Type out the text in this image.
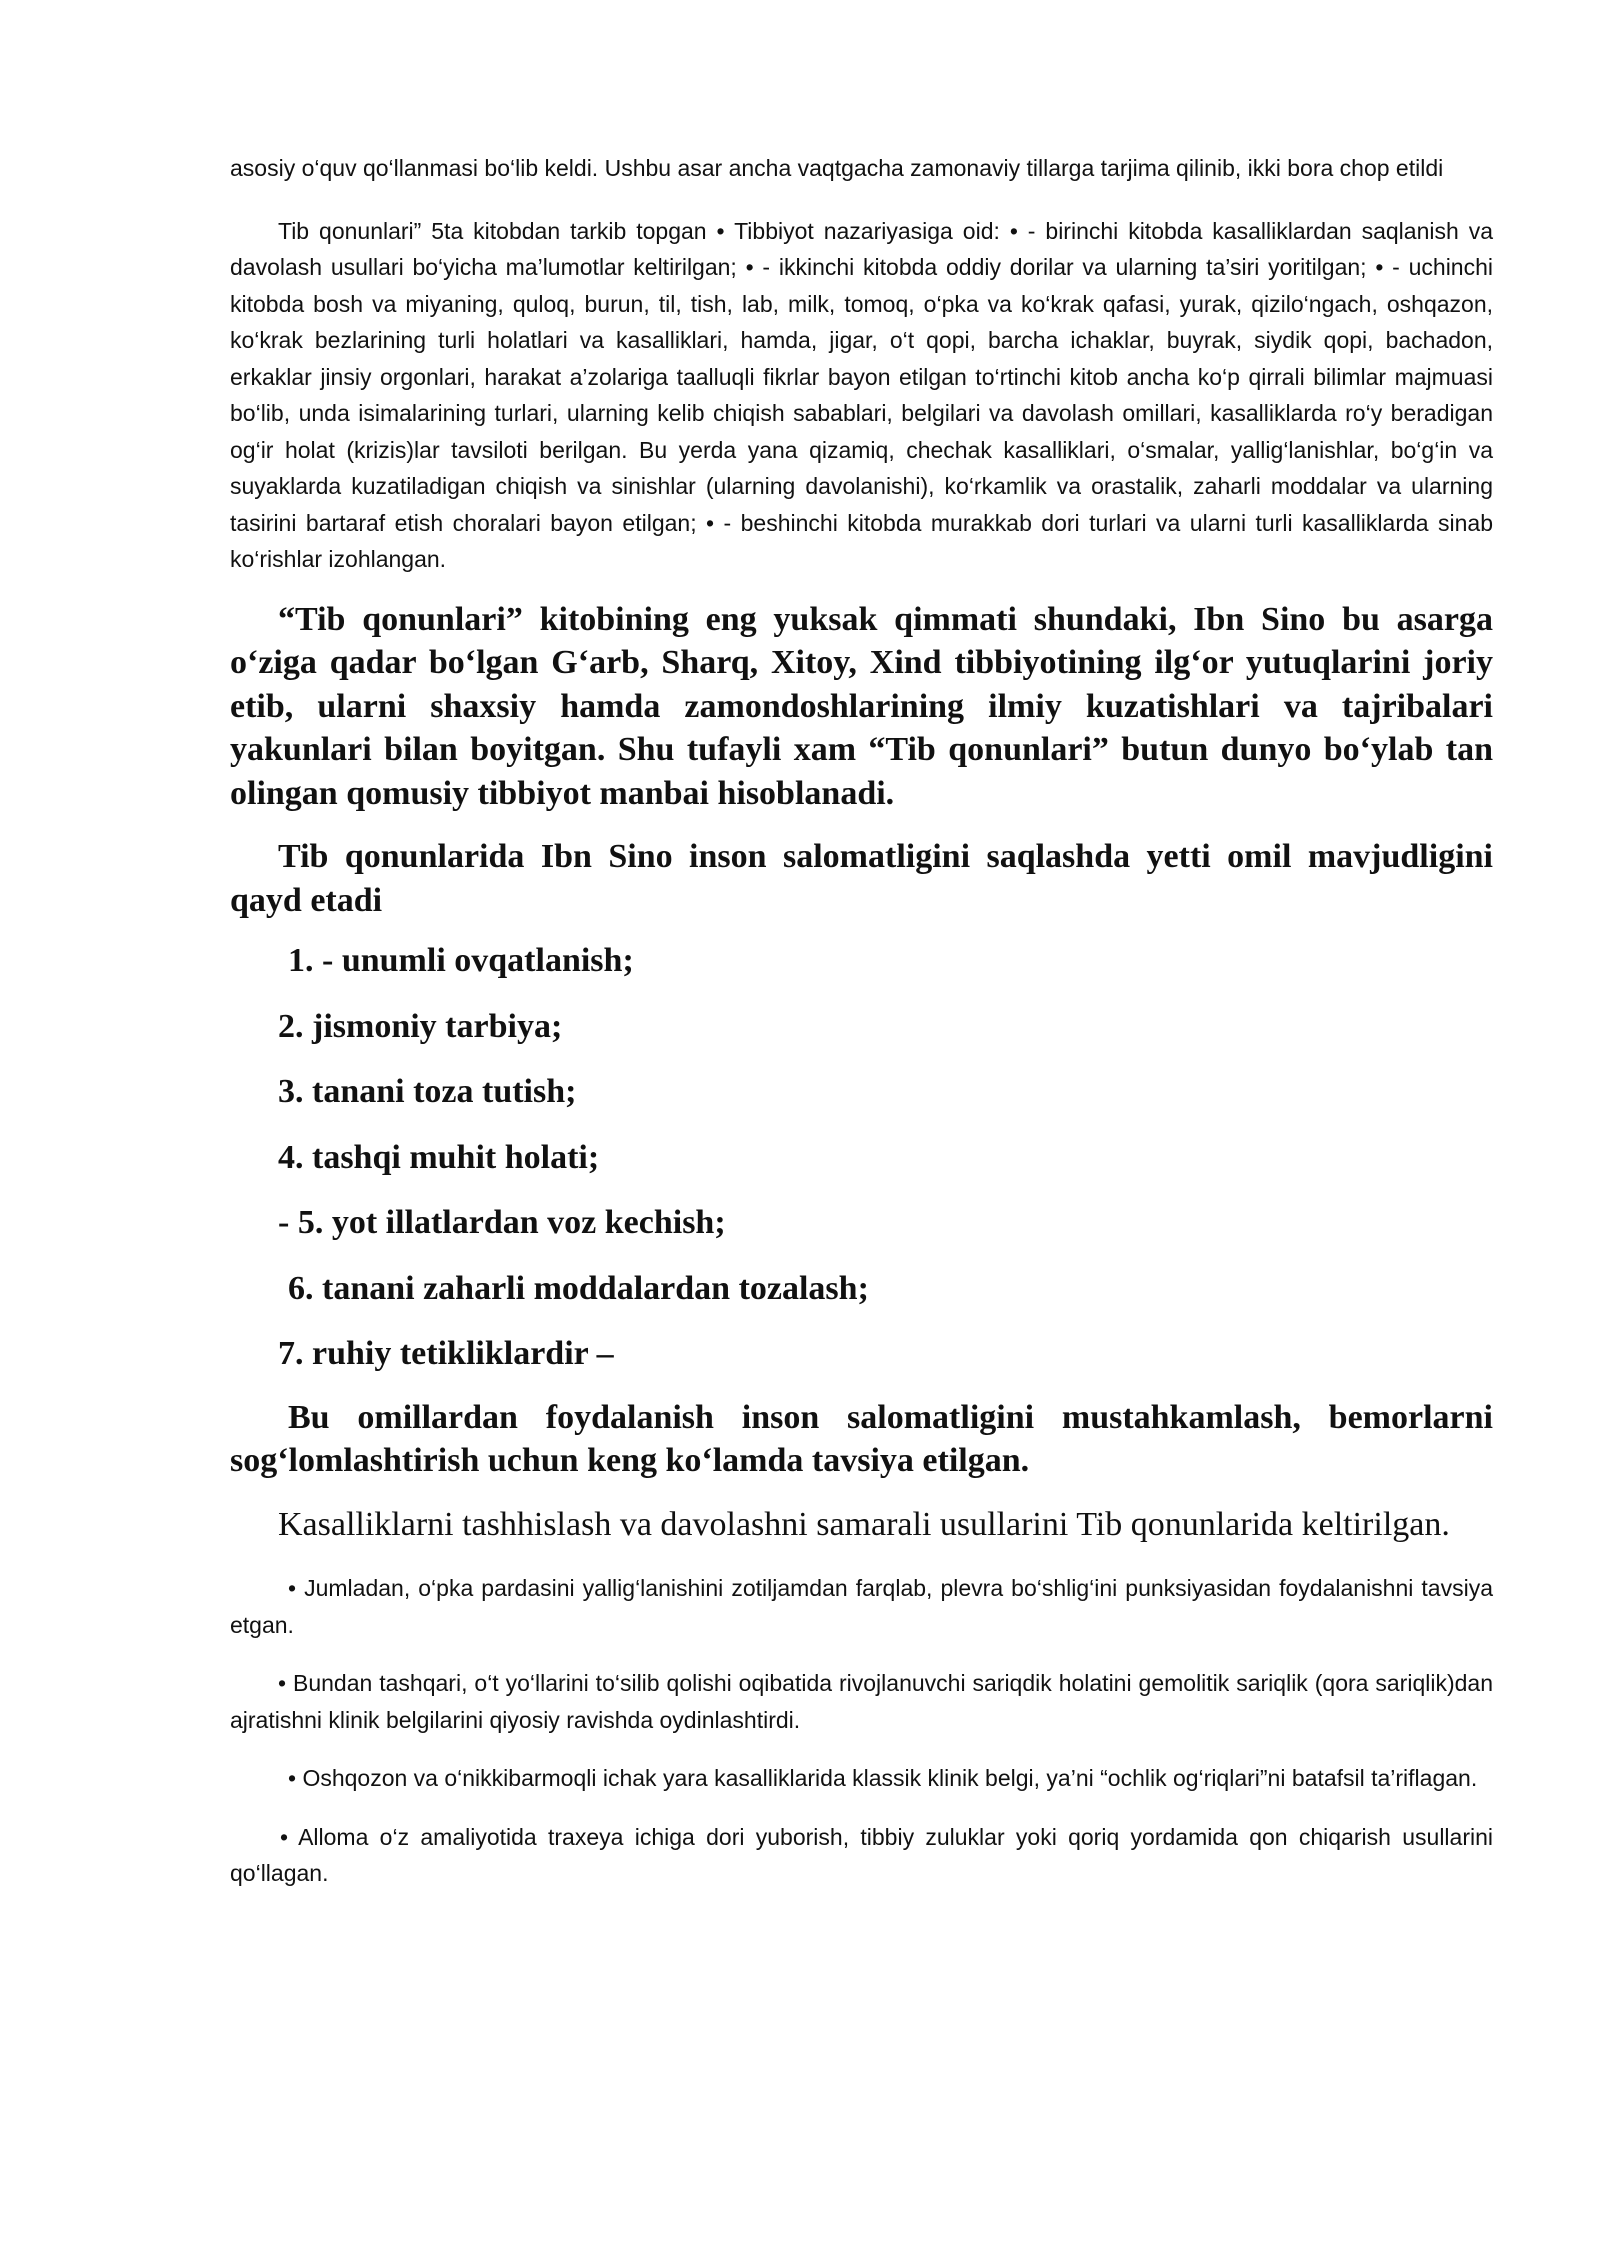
asosiy o‘quv qo‘llanmasi bo‘lib keldi. Ushbu asar ancha vaqtgacha zamonaviy tillarga tarjima qilinib, ikki bora chop etildi

Tib qonunlari” 5ta kitobdan tarkib topgan • Tibbiyot nazariyasiga oid: • - birinchi kitobda kasalliklardan saqlanish va davolash usullari bo‘yicha ma’lumotlar keltirilgan; • - ikkinchi kitobda oddiy dorilar va ularning ta’siri yoritilgan; • - uchinchi kitobda bosh va miyaning, quloq, burun, til, tish, lab, milk, tomoq, o‘pka va ko‘krak qafasi, yurak, qizilo‘ngach, oshqazon, ko‘krak bezlarining turli holatlari va kasalliklari, hamda, jigar, o‘t qopi, barcha ichaklar, buyrak, siydik qopi, bachadon, erkaklar jinsiy orgonlari, harakat a’zolariga taalluqli fikrlar bayon etilgan to‘rtinchi kitob ancha ko‘p qirrali bilimlar majmuasi bo‘lib, unda isimalarining turlari, ularning kelib chiqish sabablari, belgilari va davolash omillari, kasalliklarda ro‘y beradigan og‘ir holat (krizis)lar tavsiloti berilgan. Bu yerda yana qizamiq, chechak kasalliklari, o‘smalar, yallig‘lanishlar, bo‘g‘in va suyaklarda kuzatiladigan chiqish va sinishlar (ularning davolanishi), ko‘rkamlik va orastalik, zaharli moddalar va ularning tasirini bartaraf etish choralari bayon etilgan; • - beshinchi kitobda murakkab dori turlari va ularni turli kasalliklarda sinab ko‘rishlar izohlangan.

“Tib qonunlari” kitobining eng yuksak qimmati shundaki, Ibn Sino bu asarga o‘ziga qadar bo‘lgan G‘arb, Sharq, Xitoy, Xind tibbiyotining ilg‘or yutuqlarini joriy etib, ularni shaxsiy hamda zamondoshlarining ilmiy kuzatishlari va tajribalari yakunlari bilan boyitgan. Shu tufayli xam “Tib qonunlari” butun dunyo bo‘ylab tan olingan qomusiy tibbiyot manbai hisoblanadi.

Tib qonunlarida Ibn Sino inson salomatligini saqlashda yetti omil mavjudligini qayd etadi

1. - unumli ovqatlanish;
2. jismoniy tarbiya;
3. tanani toza tutish;
4. tashqi muhit holati;
- 5. yot illatlardan voz kechish;
6. tanani zaharli moddalardan tozalash;
7. ruhiy tetikliklardir –

Bu omillardan foydalanish inson salomatligini mustahkamlash, bemorlarni sog‘lomlashtirish uchun keng ko‘lamda tavsiya etilgan.

Kasalliklarni tashhislash va davolashni samarali usullarini Tib qonunlarida keltirilgan.

• Jumladan, o‘pka pardasini yallig‘lanishini zotiljamdan farqlab, plevra bo‘shlig‘ini punksiyasidan foydalanishni tavsiya etgan.

• Bundan tashqari, o‘t yo‘llarini to‘silib qolishi oqibatida rivojlanuvchi sariqdik holatini gemolitik sariqlik (qora sariqlik)dan ajratishni klinik belgilarini qiyosiy ravishda oydinlashtirdi.

• Oshqozon va o‘nikkibarmoqli ichak yara kasalliklarida klassik klinik belgi, ya’ni “ochlik og‘riqlari”ni batafsil ta’riflagan.

• Alloma o‘z amaliyotida traxeya ichiga dori yuborish, tibbiy zuluklar yoki qoriq yordamida qon chiqarish usullarini qo‘llagan.
